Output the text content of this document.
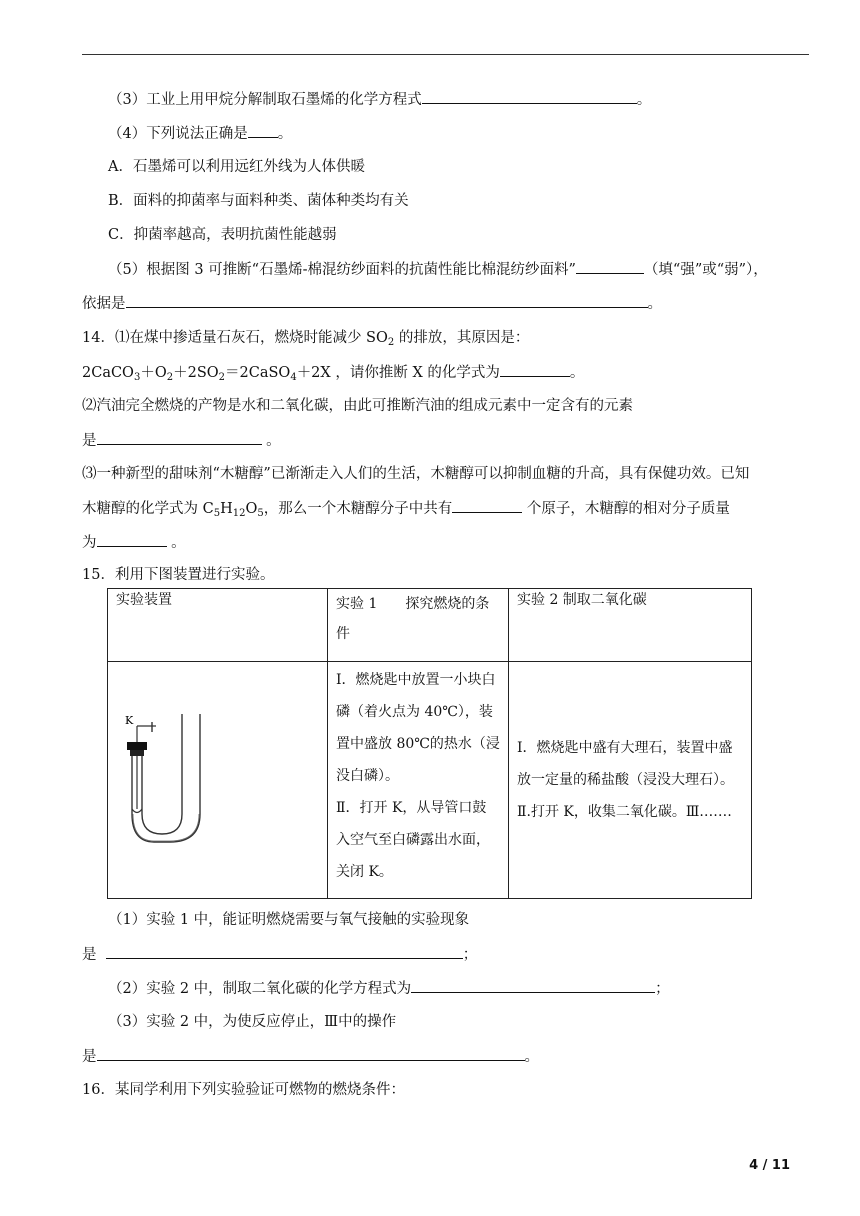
（3）工业上用甲烷分解制取石墨烯的化学方程式	。
（4）下列说法正确是 。
A．石墨烯可以利用远红外线为人体供暖
B．面料的抑菌率与面料种类、菌体种类均有关
C．抑菌率越高，表明抗菌性能越弱
（5）根据图 3 可推断“石墨烯-棉混纺纱面料的抗菌性能比棉混纺纱面料”	（填“强”或“弱”），
依据是	。
14．⑴在煤中掺适量石灰石，燃烧时能减少 $SO_2$ 的排放，其原因是：
$2CaCO_3+O_2+2SO_2=2CaSO_4+2X$ ，请你推断 X 的化学式为	。
⑵汽油完全燃烧的产物是水和二氧化碳，由此可推断汽油的组成元素中一定含有的元素
是	。
⑶一种新型的甜味剂“木糖醇”已渐渐走入人们的生活，木糖醇可以抑制血糖的升高，具有保健功效。已知
木糖醇的化学式为 $C_5H_{12}O_5$，那么一个木糖醇分子中共有	个原子，木糖醇的相对分子质量
为	。
15．利用下图装置进行实验。
实验装置	实验 1　　探究燃烧的条件	实验 2 制取二氧化碳

K	Ⅰ．燃烧匙中放置一小块白磷（着火点为 40℃），装置中盛放 80℃的热水（浸没白磷）。
Ⅱ．打开 K，从导管口鼓入空气至白磷露出水面，关闭 K。	Ⅰ．燃烧匙中盛有大理石，装置中盛放一定量的稀盐酸（浸没大理石）。
Ⅱ.打开 K，收集二氧化碳。Ⅲ.……
（1）实验 1 中，能证明燃烧需要与氧气接触的实验现象
是	；
（2）实验 2 中，制取二氧化碳的化学方程式为	；
（3）实验 2 中，为使反应停止，Ⅲ中的操作
是	。
16．某同学利用下列实验验证可燃物的燃烧条件：
4 / 11
